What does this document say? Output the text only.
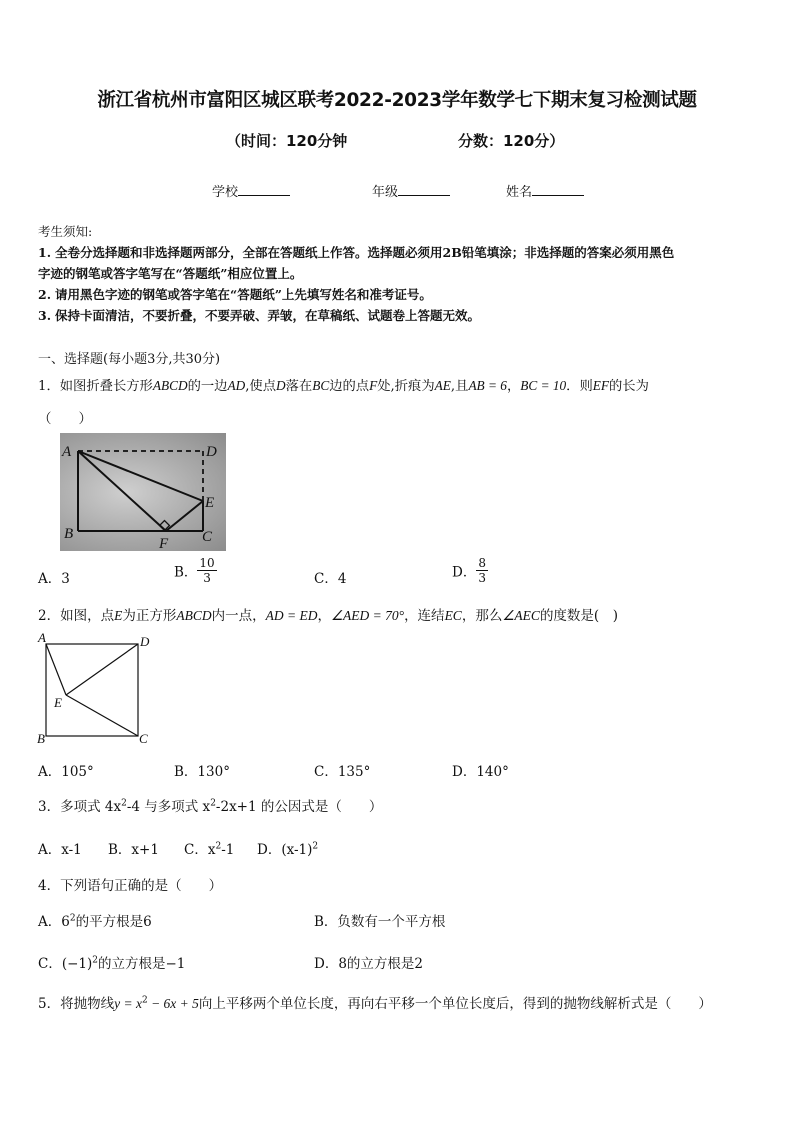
浙江省杭州市富阳区城区联考2022-2023学年数学七下期末复习检测试题
（时间：120分钟	分数：120分）
学校	年级	姓名
考生须知:
1. 全卷分选择题和非选择题两部分，全部在答题纸上作答。选择题必须用2B铅笔填涂；非选择题的答案必须用黑色
字迹的钢笔或答字笔写在“答题纸”相应位置上。
2. 请用黑色字迹的钢笔或答字笔在“答题纸”上先填写姓名和准考证号。
3. 保持卡面清洁，不要折叠，不要弄破、弄皱，在草稿纸、试题卷上答题无效。
一、选择题(每小题3分,共30分)
1．如图折叠长方形ABCD的一边AD,使点D落在BC边的点F处,折痕为AE,且AB = 6，BC = 10．则EF的长为
（　　）
A	D
E
B	C
F
A．3	B． $\frac{10}{3}$	C．4	D． $\frac{8}{3}$
2．如图，点E为正方形ABCD内一点，AD = ED，∠AED = 70°，连结EC，那么∠AEC的度数是(　)
A	D
E
B	C
A．105°	B．130°	C．135°	D．140°
3．多项式 $4x^2-4$ 与多项式 $x^2-2x+1$ 的公因式是（　　）
A．x-1 B．x+1 C．$x^2-1$ D．$(x-1)^2$
4．下列语句正确的是（　　）
A．$6^2$的平方根是6	B．负数有一个平方根
C．$(-1)^2$的立方根是−1	D．8的立方根是2
5．将抛物线$y = x^2 - 6x + 5$向上平移两个单位长度，再向右平移一个单位长度后，得到的抛物线解析式是（　　）
